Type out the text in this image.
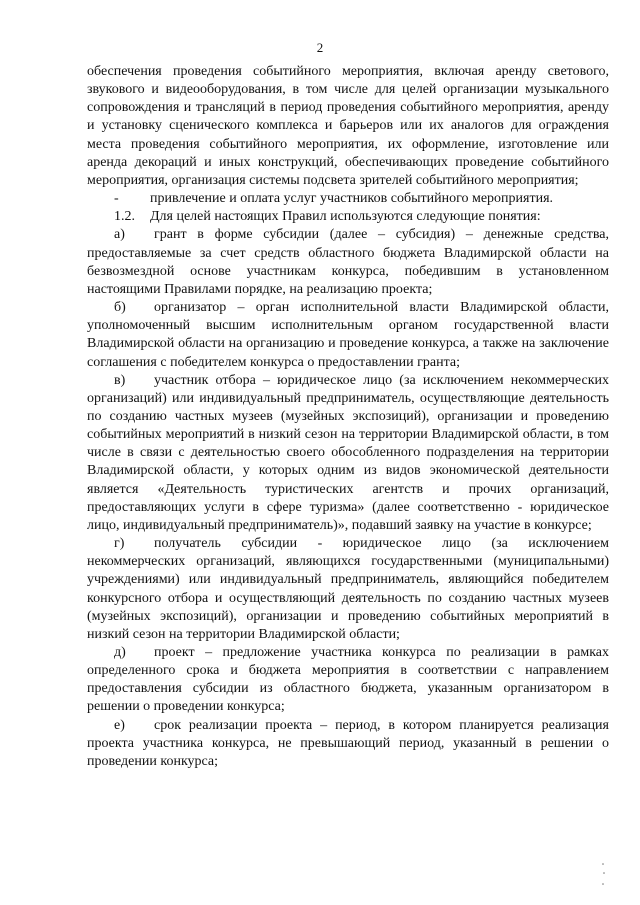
2

обеспечения проведения событийного мероприятия, включая аренду светового, звукового и видеооборудования, в том числе для целей организации музыкального сопровождения и трансляций в период проведения событийного мероприятия, аренду и установку сценического комплекса и барьеров или их аналогов для ограждения места проведения событийного мероприятия, их оформление, изготовление или аренда декораций и иных конструкций, обеспечивающих проведение событийного мероприятия, организация системы подсвета зрителей событийного мероприятия;

- привлечение и оплата услуг участников событийного мероприятия.

1.2. Для целей настоящих Правил используются следующие понятия:

а) грант в форме субсидии (далее – субсидия) – денежные средства, предоставляемые за счет средств областного бюджета Владимирской области на безвозмездной основе участникам конкурса, победившим в установленном настоящими Правилами порядке, на реализацию проекта;

б) организатор – орган исполнительной власти Владимирской области, уполномоченный высшим исполнительным органом государственной власти Владимирской области на организацию и проведение конкурса, а также на заключение соглашения с победителем конкурса о предоставлении гранта;

в) участник отбора – юридическое лицо (за исключением некоммерческих организаций) или индивидуальный предприниматель, осуществляющие деятельность по созданию частных музеев (музейных экспозиций), организации и проведению событийных мероприятий в низкий сезон на территории Владимирской области, в том числе в связи с деятельностью своего обособленного подразделения на территории Владимирской области, у которых одним из видов экономической деятельности является «Деятельность туристических агентств и прочих организаций, предоставляющих услуги в сфере туризма» (далее соответственно - юридическое лицо, индивидуальный предприниматель)», подавший заявку на участие в конкурсе;

г) получатель субсидии - юридическое лицо (за исключением некоммерческих организаций, являющихся государственными (муниципальными) учреждениями) или индивидуальный предприниматель, являющийся победителем конкурсного отбора и осуществляющий деятельность по созданию частных музеев (музейных экспозиций), организации и проведению событийных мероприятий в низкий сезон на территории Владимирской области;

д) проект – предложение участника конкурса по реализации в рамках определенного срока и бюджета мероприятия в соответствии с направлением предоставления субсидии из областного бюджета, указанным организатором в решении о проведении конкурса;

е) срок реализации проекта – период, в котором планируется реализация проекта участника конкурса, не превышающий период, указанный в решении о проведении конкурса;
